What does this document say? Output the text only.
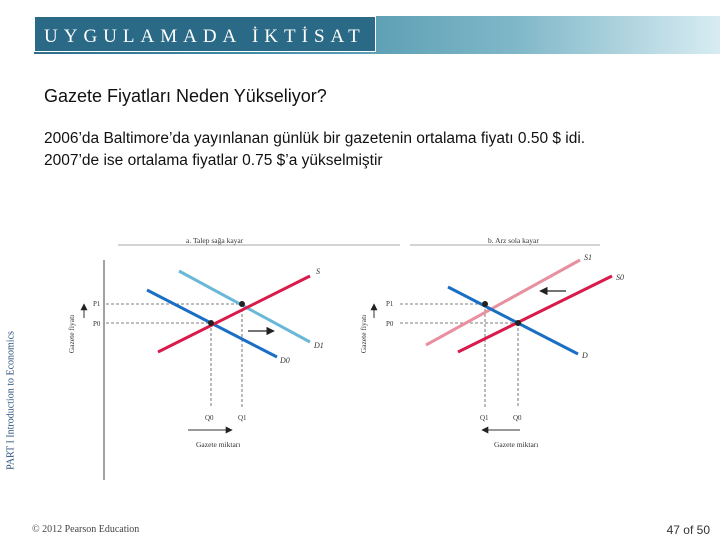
UYGULAMADA İKTİSAT
Gazete Fiyatları Neden Yükseliyor?
2006’da Baltimore’da yayınlanan günlük bir gazetenin ortalama fiyatı 0.50 $ idi.
2007’de ise ortalama fiyatlar 0.75 $’a yükselmiştir
PART I Introduction to Economics
a. Talep sağa kayar
Gazete fiyatı
P1
P0
S
D1
D0
Q0	Q1
Gazete miktarı
b. Arz sola kayar
Gazete fiyatı
P1
P0
S1
S0
D
Q1	Q0
Gazete miktarı
© 2012 Pearson Education	47 of 50
